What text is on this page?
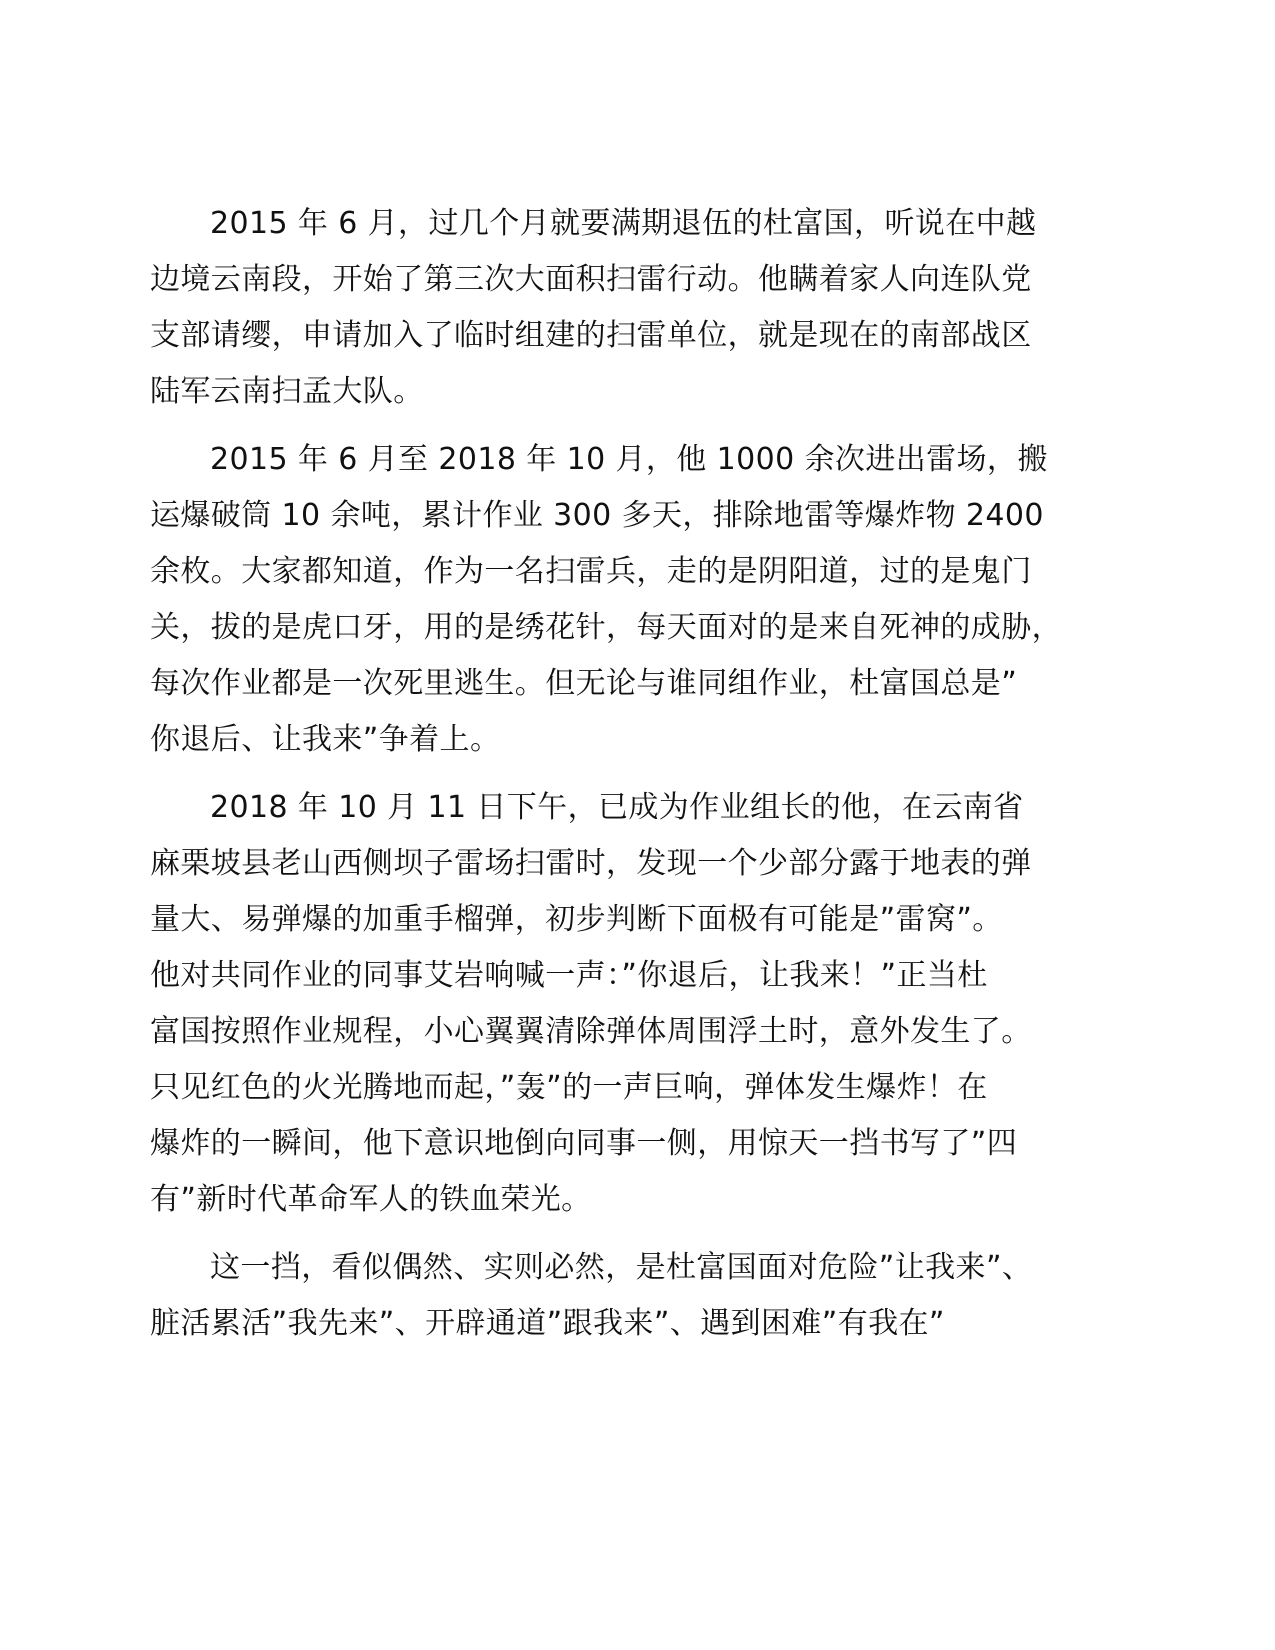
2015 年 6 月，过几个月就要满期退伍的杜富国，听说在中越
边境云南段，开始了第三次大面积扫雷行动。他瞒着家人向连队党
支部请缨，申请加入了临时组建的扫雷单位，就是现在的南部战区
陆军云南扫孟大队。
2015 年 6 月至 2018 年 10 月，他 1000 余次进出雷场，搬
运爆破筒 10 余吨，累计作业 300 多天，排除地雷等爆炸物 2400
余枚。大家都知道，作为一名扫雷兵，走的是阴阳道，过的是鬼门
关，拔的是虎口牙，用的是绣花针，每天面对的是来自死神的成胁，
每次作业都是一次死里逃生。但无论与谁同组作业，杜富国总是”
你退后、让我来”争着上。
2018 年 10 月 11 日下午，已成为作业组长的他，在云南省
麻栗坡县老山西侧坝子雷场扫雷时，发现一个少部分露于地表的弹
量大、易弹爆的加重手榴弹，初步判断下面极有可能是”雷窝”。
他对共同作业的同事艾岩响喊一声：”你退后，让我来！”正当杜
富国按照作业规程，小心翼翼清除弹体周围浮土时，意外发生了。
只见红色的火光腾地而起，”轰”的一声巨响，弹体发生爆炸！在
爆炸的一瞬间，他下意识地倒向同事一侧，用惊天一挡书写了”四
有”新时代革命军人的铁血荣光。
这一挡，看似偶然、实则必然，是杜富国面对危险”让我来”、
脏活累活”我先来”、开辟通道”跟我来”、遇到困难”有我在”
